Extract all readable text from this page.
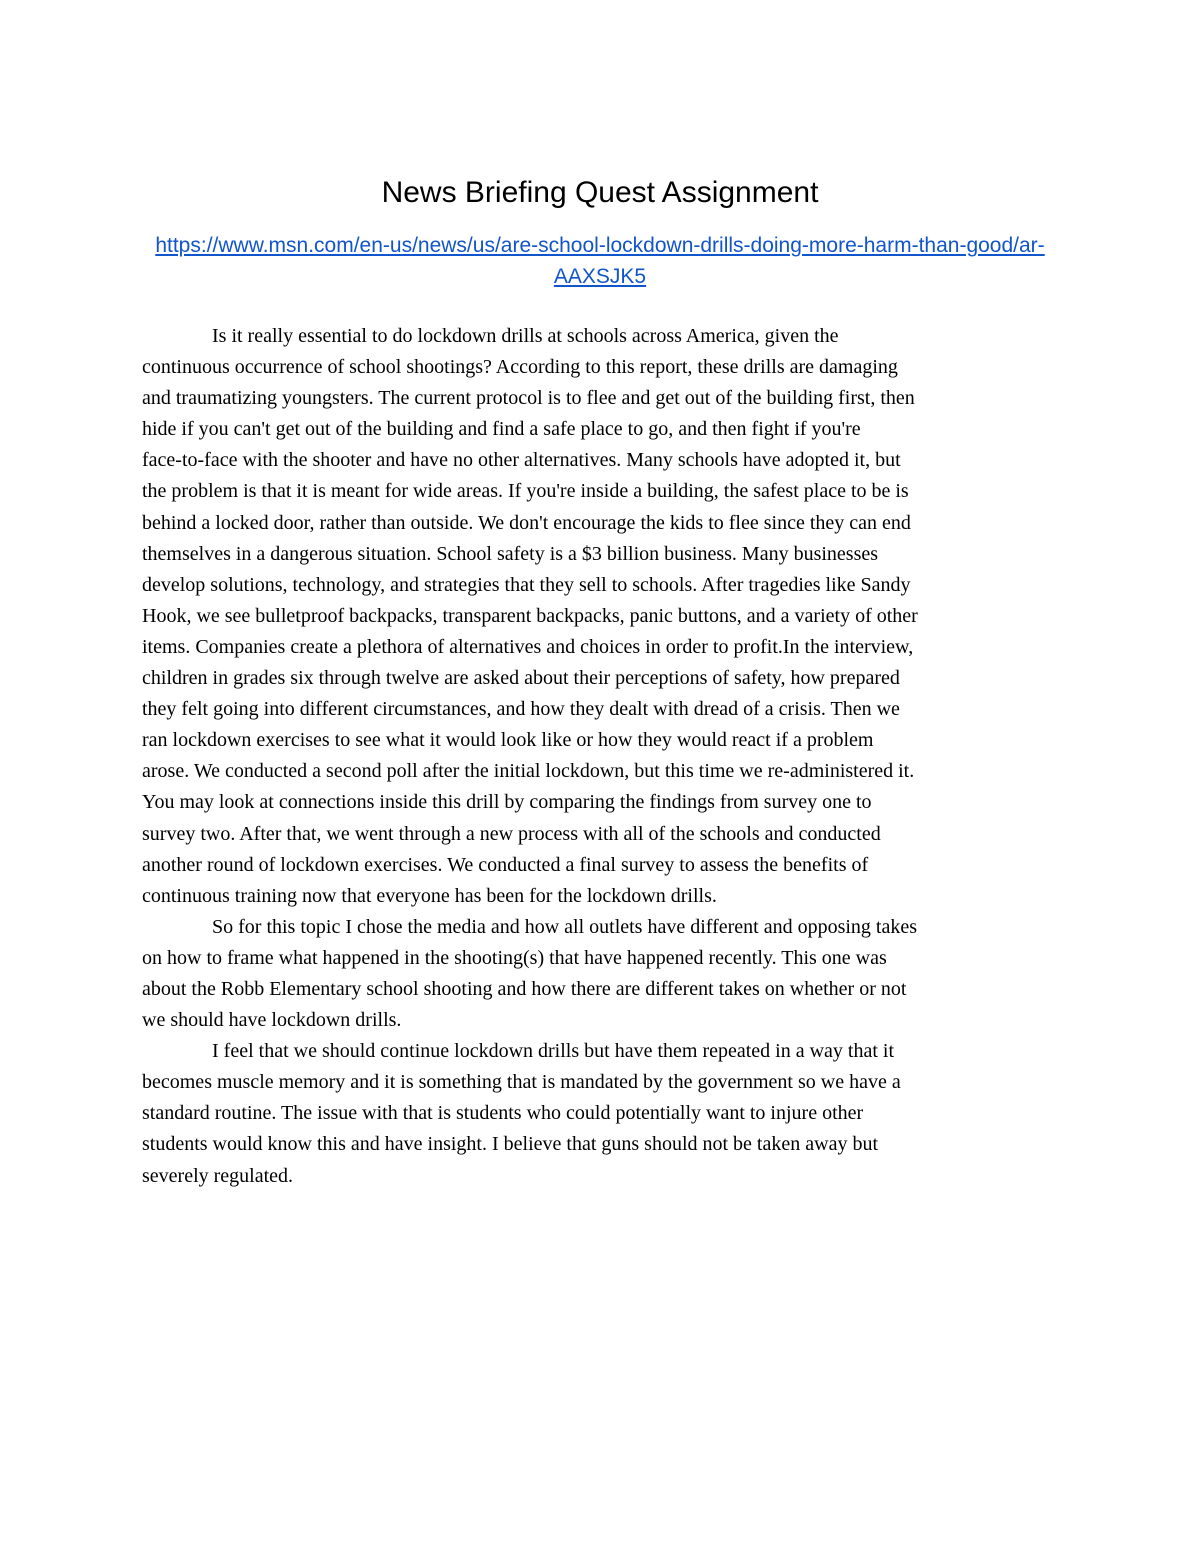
News Briefing Quest Assignment
https://www.msn.com/en-us/news/us/are-school-lockdown-drills-doing-more-harm-than-good/ar-
AAXSJK5
Is it really essential to do lockdown drills at schools across America, given the
continuous occurrence of school shootings? According to this report, these drills are damaging
and traumatizing youngsters. The current protocol is to flee and get out of the building first, then
hide if you can't get out of the building and find a safe place to go, and then fight if you're
face-to-face with the shooter and have no other alternatives. Many schools have adopted it, but
the problem is that it is meant for wide areas. If you're inside a building, the safest place to be is
behind a locked door, rather than outside. We don't encourage the kids to flee since they can end
themselves in a dangerous situation. School safety is a $3 billion business. Many businesses
develop solutions, technology, and strategies that they sell to schools. After tragedies like Sandy
Hook, we see bulletproof backpacks, transparent backpacks, panic buttons, and a variety of other
items. Companies create a plethora of alternatives and choices in order to profit.In the interview,
children in grades six through twelve are asked about their perceptions of safety, how prepared
they felt going into different circumstances, and how they dealt with dread of a crisis. Then we
ran lockdown exercises to see what it would look like or how they would react if a problem
arose. We conducted a second poll after the initial lockdown, but this time we re-administered it.
You may look at connections inside this drill by comparing the findings from survey one to
survey two. After that, we went through a new process with all of the schools and conducted
another round of lockdown exercises. We conducted a final survey to assess the benefits of
continuous training now that everyone has been for the lockdown drills.
So for this topic I chose the media and how all outlets have different and opposing takes
on how to frame what happened in the shooting(s) that have happened recently. This one was
about the Robb Elementary school shooting and how there are different takes on whether or not
we should have lockdown drills.
I feel that we should continue lockdown drills but have them repeated in a way that it
becomes muscle memory and it is something that is mandated by the government so we have a
standard routine. The issue with that is students who could potentially want to injure other
students would know this and have insight. I believe that guns should not be taken away but
severely regulated.
